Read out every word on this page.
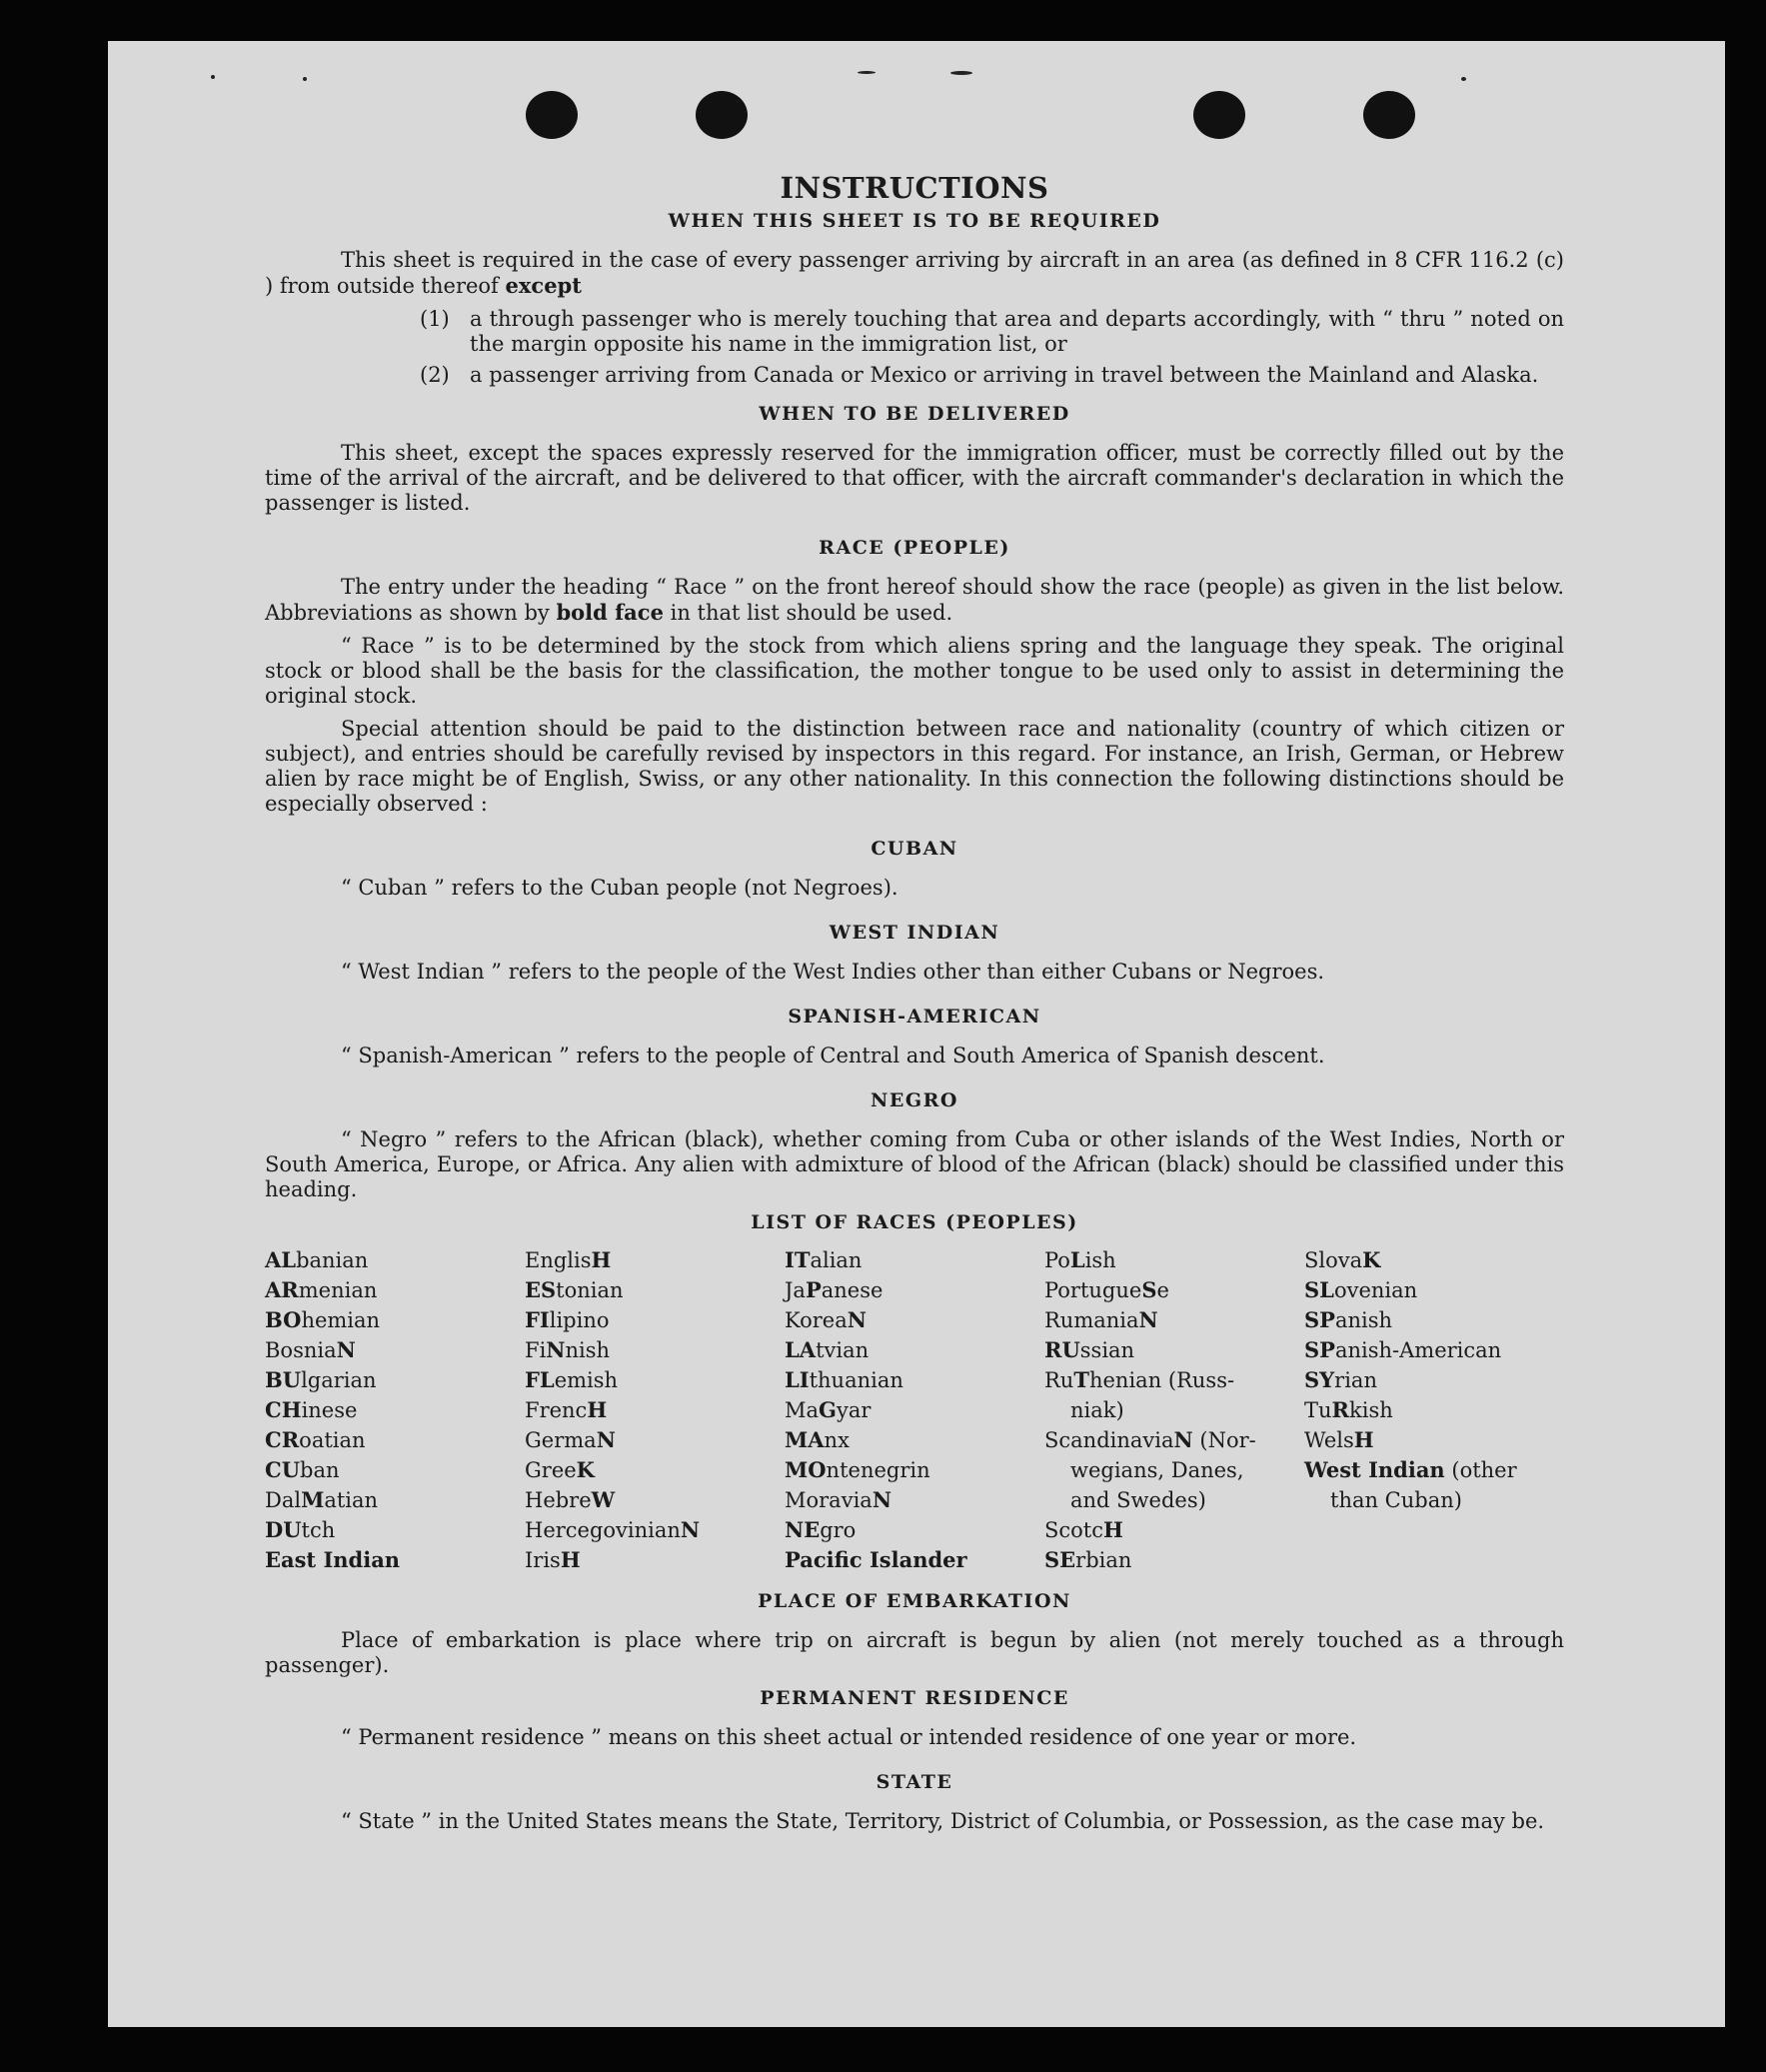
INSTRUCTIONS
WHEN THIS SHEET IS TO BE REQUIRED

This sheet is required in the case of every passenger arriving by aircraft in an area (as defined in 8 CFR 116.2 (c) ) from outside thereof except

(1) a through passenger who is merely touching that area and departs accordingly, with “ thru ” noted on the margin opposite his name in the immigration list, or
(2) a passenger arriving from Canada or Mexico or arriving in travel between the Mainland and Alaska.
WHEN TO BE DELIVERED

This sheet, except the spaces expressly reserved for the immigration officer, must be correctly filled out by the time of the arrival of the aircraft, and be delivered to that officer, with the aircraft commander's declaration in which the passenger is listed.

RACE (PEOPLE)

The entry under the heading “ Race ” on the front hereof should show the race (people) as given in the list below. Abbreviations as shown by bold face in that list should be used.

“ Race ” is to be determined by the stock from which aliens spring and the language they speak. The original stock or blood shall be the basis for the classification, the mother tongue to be used only to assist in determining the original stock.

Special attention should be paid to the distinction between race and nationality (country of which citizen or subject), and entries should be carefully revised by inspectors in this regard. For instance, an Irish, German, or Hebrew alien by race might be of English, Swiss, or any other nationality. In this connection the following distinctions should be especially observed :

CUBAN

“ Cuban ” refers to the Cuban people (not Negroes).

WEST INDIAN

“ West Indian ” refers to the people of the West Indies other than either Cubans or Negroes.

SPANISH-AMERICAN

“ Spanish-American ” refers to the people of Central and South America of Spanish descent.

NEGRO

“ Negro ” refers to the African (black), whether coming from Cuba or other islands of the West Indies, North or South America, Europe, or Africa. Any alien with admixture of blood of the African (black) should be classified under this heading.

LIST OF RACES (PEOPLES)
ALbanian
ARmenian
BOhemian
BosniaN
BUlgarian
CHinese
CRoatian
CUban
DalMatian
DUtch
East Indian
EnglisH
EStonian
FIlipino
FiNnish
FLemish
FrencH
GermaN
GreeK
HebreW
HercegovinianN
IrisH
ITalian
JaPanese
KoreaN
LAtvian
LIthuanian
MaGyar
MAnx
MOntenegrin
MoraviaN
NEgro
Pacific Islander
PoLish
PortugueSe
RumaniaN
RUssian
RuThenian (Russ-
niak)
ScandinaviaN (Nor-
wegians, Danes,
and Swedes)
ScotcH
SErbian
SlovaK
SLovenian
SPanish
SPanish-American
SYrian
TuRkish
WelsH
West Indian (other
than Cuban)
PLACE OF EMBARKATION

Place of embarkation is place where trip on aircraft is begun by alien (not merely touched as a through passenger).

PERMANENT RESIDENCE

“ Permanent residence ” means on this sheet actual or intended residence of one year or more.

STATE

“ State ” in the United States means the State, Territory, District of Columbia, or Possession, as the case may be.
